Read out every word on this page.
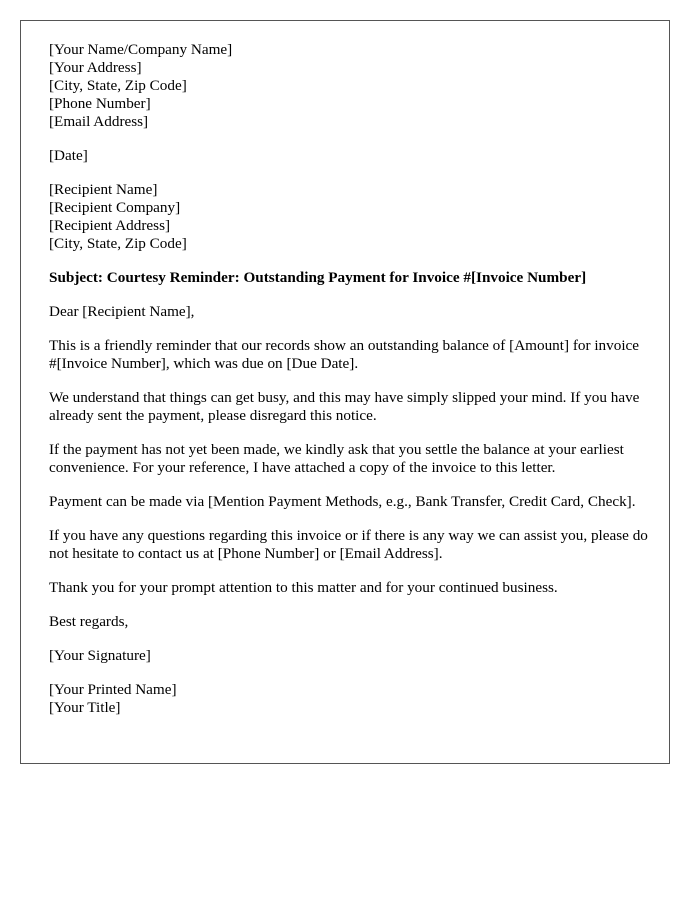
[Your Name/Company Name]
[Your Address]
[City, State, Zip Code]
[Phone Number]
[Email Address]
[Date]
[Recipient Name]
[Recipient Company]
[Recipient Address]
[City, State, Zip Code]

Subject: Courtesy Reminder: Outstanding Payment for Invoice #[Invoice Number]

Dear [Recipient Name],

This is a friendly reminder that our records show an outstanding balance of [Amount] for invoice #[Invoice Number], which was due on [Due Date].

We understand that things can get busy, and this may have simply slipped your mind. If you have already sent the payment, please disregard this notice.

If the payment has not yet been made, we kindly ask that you settle the balance at your earliest convenience. For your reference, I have attached a copy of the invoice to this letter.

Payment can be made via [Mention Payment Methods, e.g., Bank Transfer, Credit Card, Check].

If you have any questions regarding this invoice or if there is any way we can assist you, please do not hesitate to contact us at [Phone Number] or [Email Address].

Thank you for your prompt attention to this matter and for your continued business.

Best regards,

[Your Signature]

[Your Printed Name]
[Your Title]
